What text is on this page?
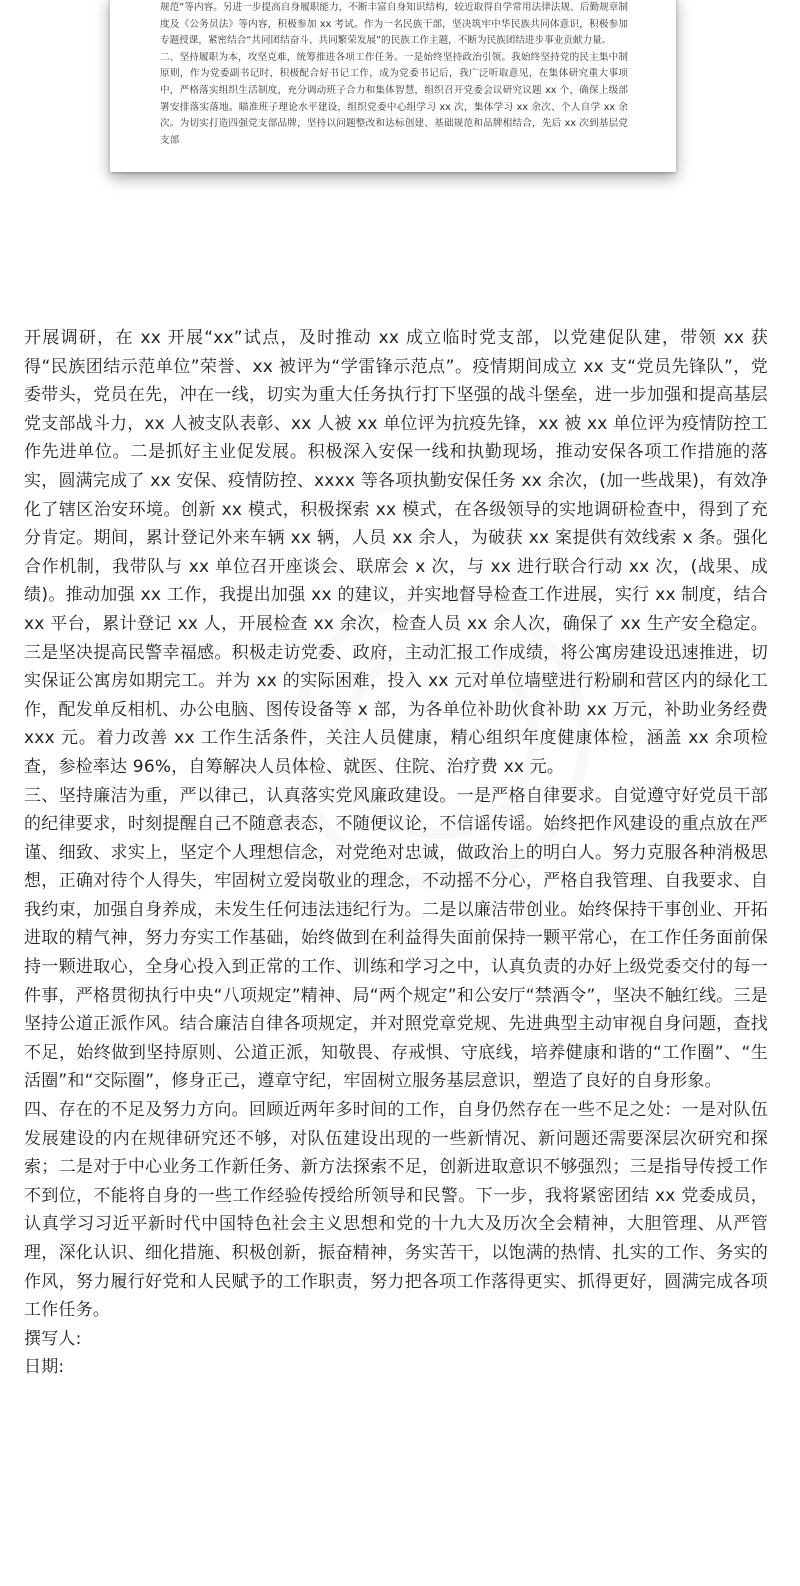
规范”等内容。另进一步提高自身履职能力，不断丰富自身知识结构，较近取得自学常用法律法规、后勤规章制度及《公务员法》等内容，积极参加 xx 考试。作为一名民族干部，坚决筑牢中华民族共同体意识，积极参加专题授课，紧密结合“共同团结奋斗、共同繁荣发展”的民族工作主题，不断为民族团结进步事业贡献力量。

二、坚持履职为本，攻坚克难，统筹推进各项工作任务。一是始终坚持政治引领。我始终坚持党的民主集中制原则，作为党委副书记时，积极配合好书记工作，成为党委书记后，我广泛听取意见，在集体研究重大事项中，严格落实组织生活制度，充分调动班子合力和集体智慧，组织召开党委会议研究议题 xx 个，确保上级部署安排落实落地。瞄准班子理论水平建设，组织党委中心组学习 xx 次，集体学习 xx 余次、个人自学 xx 余次。为切实打造四强党支部品牌，坚持以问题整改和达标创建、基础规范和品牌相结合，先后 xx 次到基层党支部

开展调研，在 xx 开展“xx”试点，及时推动 xx 成立临时党支部，以党建促队建，带领 xx 获得“民族团结示范单位”荣誉、xx 被评为“学雷锋示范点”。疫情期间成立 xx 支“党员先锋队”，党委带头，党员在先，冲在一线，切实为重大任务执行打下坚强的战斗堡垒，进一步加强和提高基层党支部战斗力，xx 人被支队表彰、xx 人被 xx 单位评为抗疫先锋，xx 被 xx 单位评为疫情防控工作先进单位。二是抓好主业促发展。积极深入安保一线和执勤现场，推动安保各项工作措施的落实，圆满完成了 xx 安保、疫情防控、xxxx 等各项执勤安保任务 xx 余次，(加一些战果)，有效净化了辖区治安环境。创新 xx 模式，积极探索 xx 模式，在各级领导的实地调研检查中，得到了充分肯定。期间，累计登记外来车辆 xx 辆，人员 xx 余人，为破获 xx 案提供有效线索 x 条。强化合作机制，我带队与 xx 单位召开座谈会、联席会 x 次，与 xx 进行联合行动 xx 次，(战果、成绩)。推动加强 xx 工作，我提出加强 xx 的建议，并实地督导检查工作进展，实行 xx 制度，结合 xx 平台，累计登记 xx 人，开展检查 xx 余次，检查人员 xx 余人次，确保了 xx 生产安全稳定。三是坚决提高民警幸福感。积极走访党委、政府，主动汇报工作成绩，将公寓房建设迅速推进，切实保证公寓房如期完工。并为 xx 的实际困难，投入 xx 元对单位墙壁进行粉刷和营区内的绿化工作，配发单反相机、办公电脑、图传设备等 x 部，为各单位补助伙食补助 xx 万元，补助业务经费 xxx 元。着力改善 xx 工作生活条件，关注人员健康，精心组织年度健康体检，涵盖 xx 余项检查，参检率达 96%，自筹解决人员体检、就医、住院、治疗费 xx 元。

三、坚持廉洁为重，严以律己，认真落实党风廉政建设。一是严格自律要求。自觉遵守好党员干部的纪律要求，时刻提醒自己不随意表态，不随便议论，不信谣传谣。始终把作风建设的重点放在严谨、细致、求实上，坚定个人理想信念，对党绝对忠诚，做政治上的明白人。努力克服各种消极思想，正确对待个人得失，牢固树立爱岗敬业的理念，不动摇不分心，严格自我管理、自我要求、自我约束，加强自身养成，未发生任何违法违纪行为。二是以廉洁带创业。始终保持干事创业、开拓进取的精气神，努力夯实工作基础，始终做到在利益得失面前保持一颗平常心，在工作任务面前保持一颗进取心，全身心投入到正常的工作、训练和学习之中，认真负责的办好上级党委交付的每一件事，严格贯彻执行中央“八项规定”精神、局“两个规定”和公安厅“禁酒令”，坚决不触红线。三是坚持公道正派作风。结合廉洁自律各项规定，并对照党章党规、先进典型主动审视自身问题，查找不足，始终做到坚持原则、公道正派，知敬畏、存戒惧、守底线，培养健康和谐的“工作圈”、“生活圈”和“交际圈”，修身正己，遵章守纪，牢固树立服务基层意识，塑造了良好的自身形象。

四、存在的不足及努力方向。回顾近两年多时间的工作，自身仍然存在一些不足之处：一是对队伍发展建设的内在规律研究还不够，对队伍建设出现的一些新情况、新问题还需要深层次研究和探索；二是对于中心业务工作新任务、新方法探索不足，创新进取意识不够强烈；三是指导传授工作不到位，不能将自身的一些工作经验传授给所领导和民警。下一步，我将紧密团结 xx 党委成员，认真学习习近平新时代中国特色社会主义思想和党的十九大及历次全会精神，大胆管理、从严管理，深化认识、细化措施、积极创新，振奋精神，务实苦干，以饱满的热情、扎实的工作、务实的作风，努力履行好党和人民赋予的工作职责，努力把各项工作落得更实、抓得更好，圆满完成各项工作任务。

撰写人:

日期:
